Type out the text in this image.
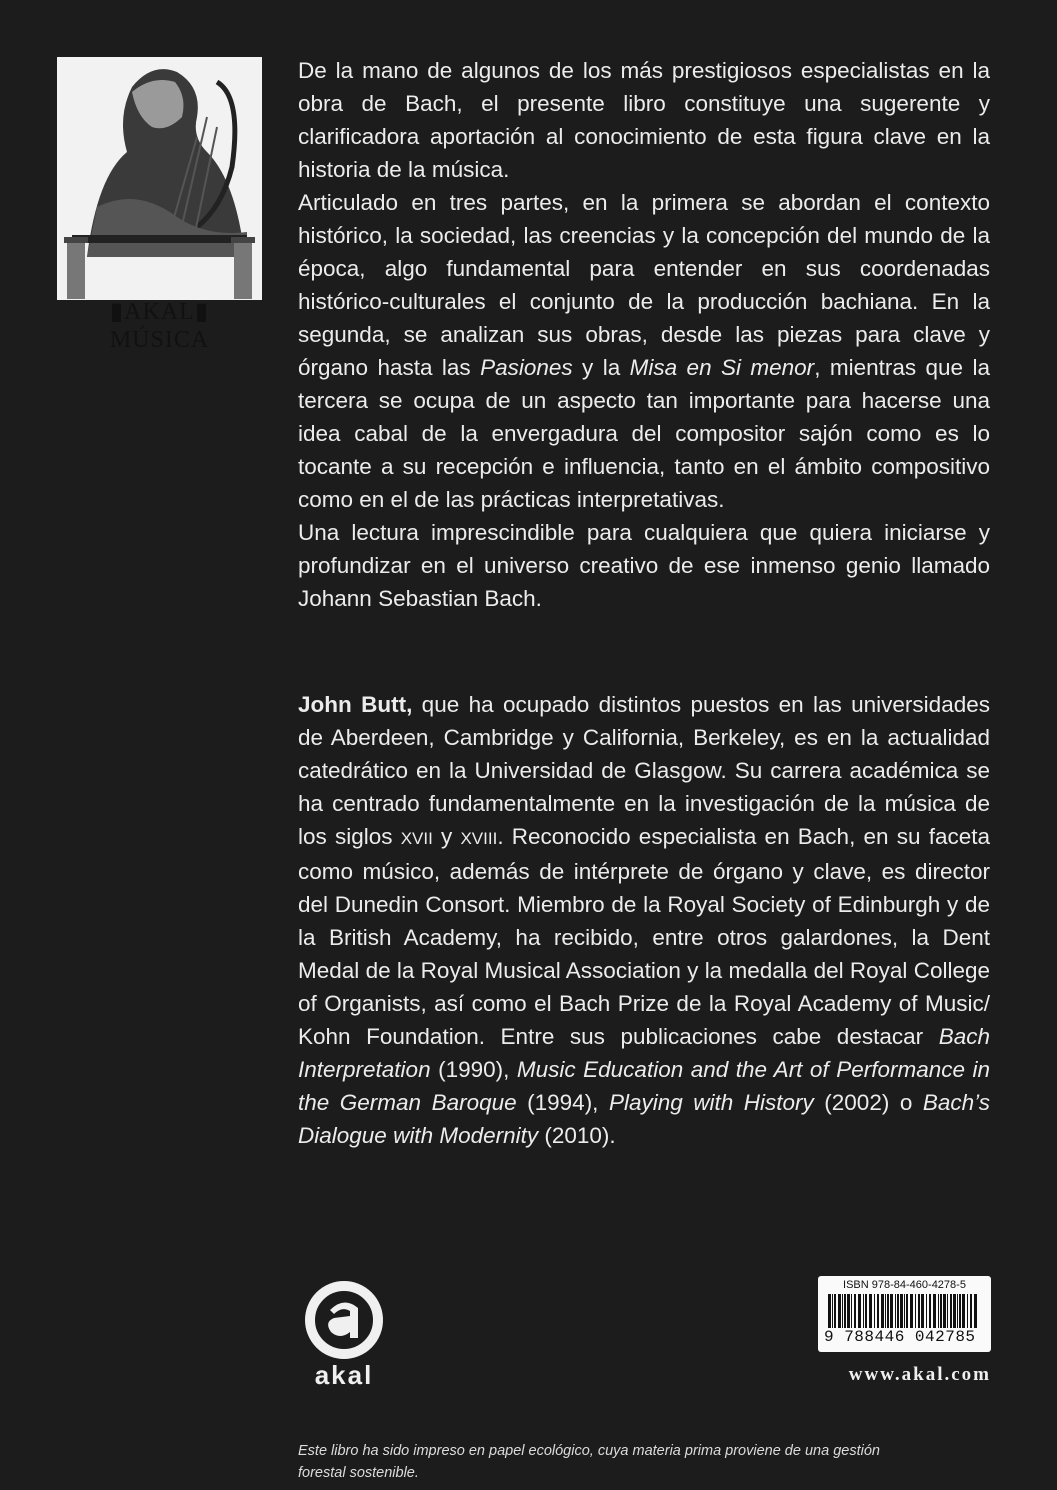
▮AKAL▮
MÚSICA

De la mano de algunos de los más prestigiosos especialistas en la obra de Bach, el presente libro constituye una sugerente y clarificadora aportación al conocimiento de esta figura clave en la historia de la música.

Articulado en tres partes, en la primera se abordan el contexto histórico, la sociedad, las creencias y la concepción del mundo de la época, algo fundamental para entender en sus coordenadas histórico-culturales el conjunto de la producción bachiana. En la segunda, se analizan sus obras, desde las piezas para clave y órgano hasta las Pasiones y la Misa en Si menor, mientras que la tercera se ocupa de un aspecto tan importante para hacerse una idea cabal de la envergadura del compositor sajón como es lo tocante a su recepción e influencia, tanto en el ámbito compositivo como en el de las prácticas interpretativas.

Una lectura imprescindible para cualquiera que quiera iniciarse y profundizar en el universo creativo de ese inmenso genio llamado Johann Sebastian Bach.

John Butt, que ha ocupado distintos puestos en las universidades de Aberdeen, Cambridge y California, Berkeley, es en la actualidad catedrático en la Universidad de Glasgow. Su carrera académica se ha centrado fundamentalmente en la investigación de la música de los siglos XVII y XVIII. Reconocido especialista en Bach, en su faceta como músico, además de intérprete de órgano y clave, es director del Dunedin Consort. Miembro de la Royal Society of Edinburgh y de la British Academy, ha recibido, entre otros galardones, la Dent Medal de la Royal Musical Association y la medalla del Royal College of Organists, así como el Bach Prize de la Royal Academy of Music/ Kohn Foundation. Entre sus publicaciones cabe destacar Bach Interpretation (1990), Music Education and the Art of Performance in the German Baroque (1994), Playing with History (2002) o Bach’s Dialogue with Modernity (2010).

akal
ISBN 978-84-460-4278-5
9 788446 042785
www.akal.com
Este libro ha sido impreso en papel ecológico, cuya materia prima proviene de una gestión forestal sostenible.
